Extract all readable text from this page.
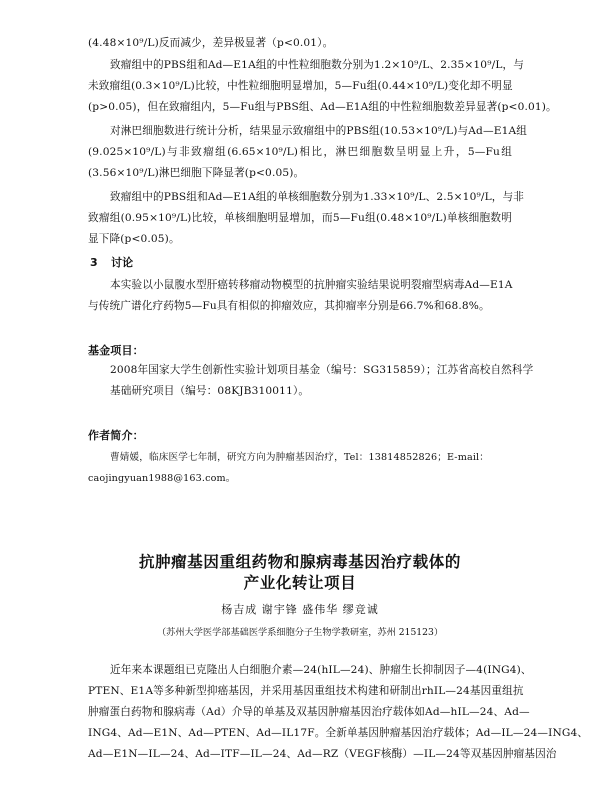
(4.48×10⁹/L)反而减少，差异极显著（p<0.01）。
致瘤组中的PBS组和Ad—E1A组的中性粒细胞数分别为1.2×10⁹/L、2.35×10⁹/L，与
未致瘤组(0.3×10⁹/L)比较，中性粒细胞明显增加，5—Fu组(0.44×10⁹/L)变化却不明显
(p>0.05)，但在致瘤组内，5—Fu组与PBS组、Ad—E1A组的中性粒细胞数差异显著(p<0.01)。
对淋巴细胞数进行统计分析，结果显示致瘤组中的PBS组(10.53×10⁹/L)与Ad—E1A组
(9.025×10⁹/L)与非致瘤组(6.65×10⁹/L)相比，淋巴细胞数呈明显上升，5—Fu组
(3.56×10⁹/L)淋巴细胞下降显著(p<0.05)。
致瘤组中的PBS组和Ad—E1A组的单核细胞数分别为1.33×10⁹/L、2.5×10⁹/L，与非
致瘤组(0.95×10⁹/L)比较，单核细胞明显增加，而5—Fu组(0.48×10⁹/L)单核细胞数明
显下降(p<0.05)。
3 讨论
本实验以小鼠腹水型肝癌转移瘤动物模型的抗肿瘤实验结果说明裂瘤型病毒Ad—E1A
与传统广谱化疗药物5—Fu具有相似的抑瘤效应，其抑瘤率分别是66.7%和68.8%。
基金项目：
2008年国家大学生创新性实验计划项目基金（编号：SG315859）；江苏省高校自然科学
基础研究项目（编号：08KJB310011）。
作者简介：
曹婧媛，临床医学七年制，研究方向为肿瘤基因治疗，Tel：13814852826；E-mail：
caojingyuan1988@163.com。
抗肿瘤基因重组药物和腺病毒基因治疗载体的
产业化转让项目
杨吉成 谢宇锋 盛伟华 缪竞诚
（苏州大学医学部基础医学系细胞分子生物学教研室，苏州 215123）
近年来本课题组已克隆出人白细胞介素—24(hIL—24)、肿瘤生长抑制因子—4(ING4)、
PTEN、E1A等多种新型抑癌基因，并采用基因重组技术构建和研制出rhIL—24基因重组抗
肿瘤蛋白药物和腺病毒（Ad）介导的单基及双基因肿瘤基因治疗载体如Ad—hIL—24、Ad—
ING4、Ad—E1N、Ad—PTEN、Ad—IL17F。全新单基因肿瘤基因治疗载体；Ad—IL—24—ING4、
Ad—E1N—IL—24、Ad—ITF—IL—24、Ad—RZ（VEGF核酶）—IL—24等双基因肿瘤基因治
